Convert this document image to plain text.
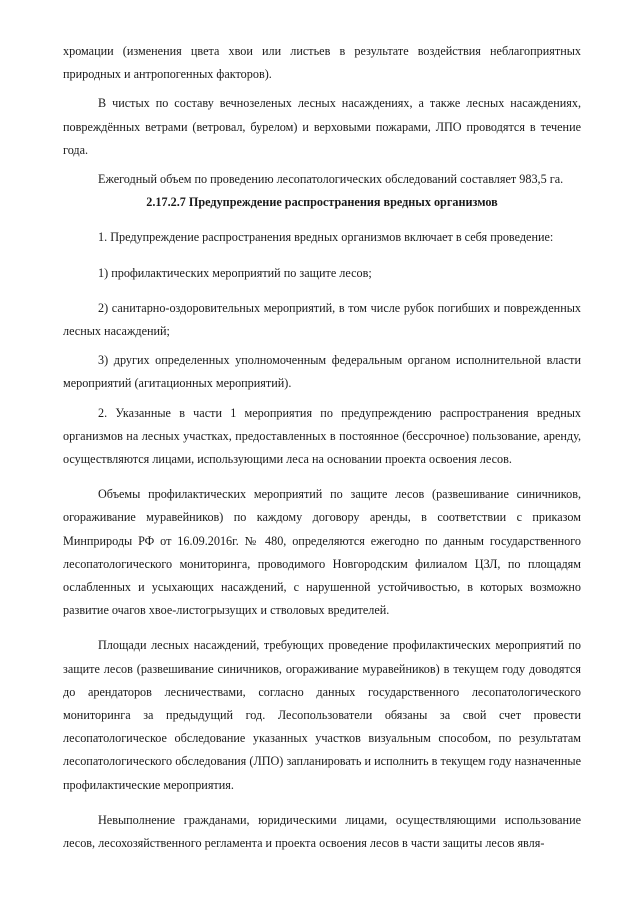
хромации (изменения цвета хвои или листьев в результате воздействия неблагоприятных природных и антропогенных факторов).

В чистых по составу вечнозеленых лесных насаждениях, а также лесных насаждениях, повреждённых ветрами (ветровал, бурелом) и верховыми пожарами, ЛПО проводятся в течение года.

Ежегодный объем по проведению лесопатологических обследований составляет 983,5 га.

2.17.2.7 Предупреждение распространения вредных организмов

1. Предупреждение распространения вредных организмов включает в себя проведение:

1) профилактических мероприятий по защите лесов;

2) санитарно-оздоровительных мероприятий, в том числе рубок погибших и поврежденных лесных насаждений;

3) других определенных уполномоченным федеральным органом исполнительной власти мероприятий (агитационных мероприятий).

2. Указанные в части 1 мероприятия по предупреждению распространения вредных организмов на лесных участках, предоставленных в постоянное (бессрочное) пользование, аренду, осуществляются лицами, использующими леса на основании проекта освоения лесов.

Объемы профилактических мероприятий по защите лесов (развешивание синичников, огораживание муравейников) по каждому договору аренды, в соответствии с приказом Минприроды РФ от 16.09.2016г. № 480, определяются ежегодно по данным государственного лесопатологического мониторинга, проводимого Новгородским филиалом ЦЗЛ, по площадям ослабленных и усыхающих насаждений, с нарушенной устойчивостью, в которых возможно развитие очагов хвое-листогрызущих и стволовых вредителей.

Площади лесных насаждений, требующих проведение профилактических мероприятий по защите лесов (развешивание синичников, огораживание муравейников) в текущем году доводятся до арендаторов лесничествами, согласно данных государственного лесопатологического мониторинга за предыдущий год. Лесопользователи обязаны за свой счет провести лесопатологическое обследование указанных участков визуальным способом, по результатам лесопатологического обследования (ЛПО) запланировать и исполнить в текущем году назначенные профилактические мероприятия.

Невыполнение гражданами, юридическими лицами, осуществляющими использование лесов, лесохозяйственного регламента и проекта освоения лесов в части защиты лесов явля-
